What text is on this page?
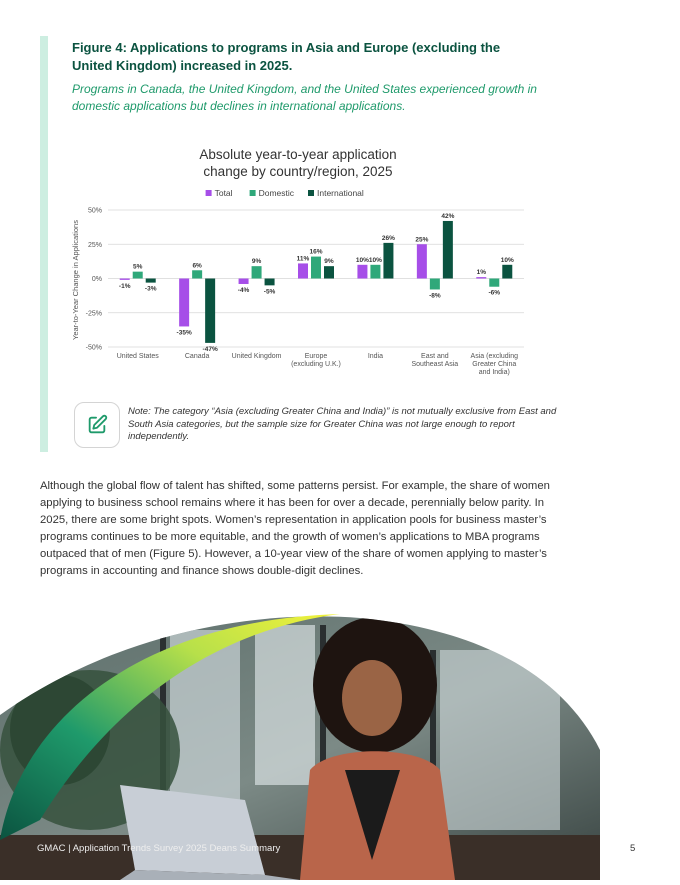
Figure 4: Applications to programs in Asia and Europe (excluding the United Kingdom) increased in 2025.
Programs in Canada, the United Kingdom, and the United States experienced growth in domestic applications but declines in international applications.
Absolute year-to-year application
change by country/region, 2025
Total	Domestic	International
50%
25%
0%
-25%
-50%
-1%
5%
-3%
-35%
6%
-47%
-4%
9%
-5%
11%
16%
9%	10% 10%
26%	25%
-8%
42%
1%
-6%
10%
United States	Canada	United Kingdom	Europe
(excluding U.K.)
India	East and
Southeast Asia
Asia (excluding
Greater China
and India)
Year-to-Year Change in Applications
Note: The category “Asia (excluding Greater China and India)” is not mutually exclusive from East and South Asia categories, but the sample size for Greater China was not large enough to report independently.
Although the global flow of talent has shifted, some patterns persist. For example, the share of women applying to business school remains where it has been for over a decade, perennially below parity. In 2025, there are some bright spots. Women’s representation in application pools for business master’s programs continues to be more equitable, and the growth of women’s applications to MBA programs outpaced that of men (Figure 5). However, a 10-year view of the share of women applying to master’s programs in accounting and finance shows double-digit declines.
GMAC | Application Trends Survey 2025 Deans Summary	5
